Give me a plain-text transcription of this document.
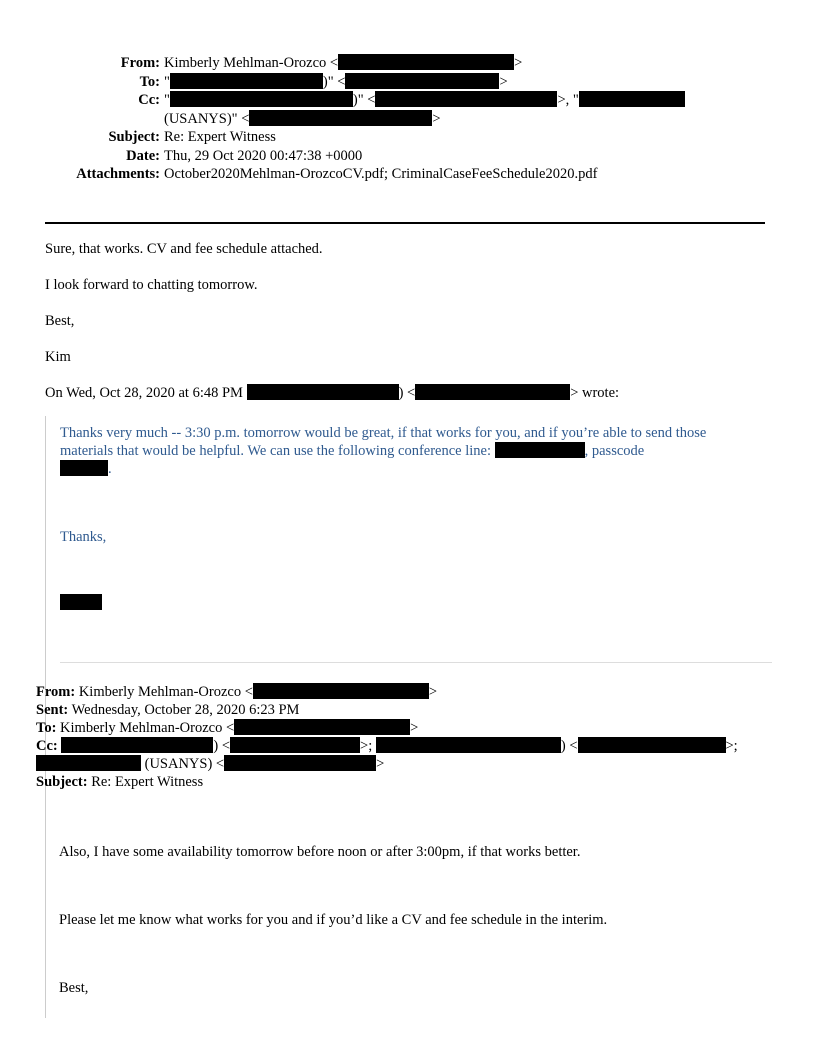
From: Kimberly Mehlman-Orozco <	>
To: "	)" <	>
Cc: "	)" <	>, "
(USANYS)" <	>
Subject: Re: Expert Witness
Date: Thu, 29 Oct 2020 00:47:38 +0000
Attachments: October2020Mehlman-OrozcoCV.pdf; CriminalCaseFeeSchedule2020.pdf

Sure, that works. CV and fee schedule attached.

I look forward to chatting tomorrow.

Best,

Kim

On Wed, Oct 28, 2020 at 6:48 PM	) <	> wrote:

Thanks very much -- 3:30 p.m. tomorrow would be great, if that works for you, and if you’re able to send those materials that would be helpful. We can use the following conference line:	, passcode
.
Thanks,
From: Kimberly Mehlman-Orozco <	>
Sent: Wednesday, October 28, 2020 6:23 PM
To: Kimberly Mehlman-Orozco <	>
Cc:	) <	>;	) <	>;
(USANYS) <	>
Subject: Re: Expert Witness
Also, I have some availability tomorrow before noon or after 3:00pm, if that works better.
Please let me know what works for you and if you’d like a CV and fee schedule in the interim.
Best,
